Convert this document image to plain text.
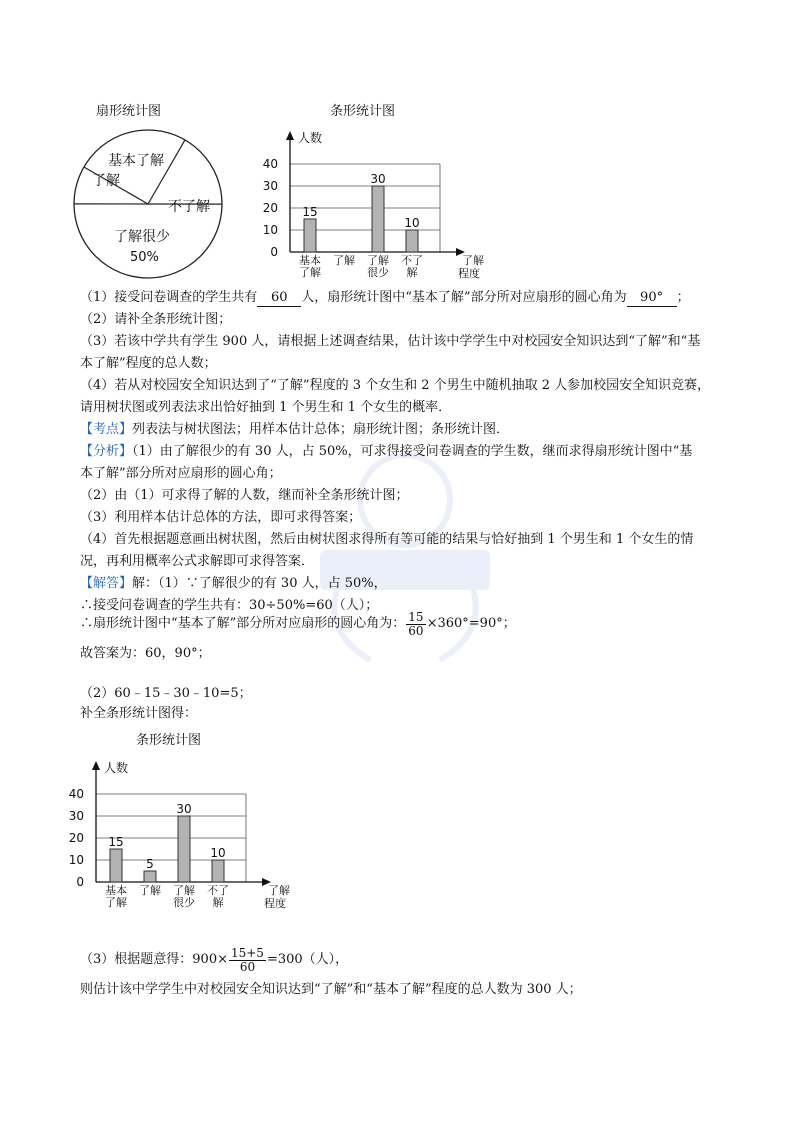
扇形统计图
基本了解
了解
不了解
了解很少
50%
条形统计图
0
10
20
30
40
人数
了解
程度
15
基本
了解
了解
30
了解
很少
10
不了
解
（1）接受问卷调查的学生共有 60 人，扇形统计图中“基本了解”部分所对应扇形的圆心角为 90° ；
（2）请补全条形统计图；
（3）若该中学共有学生 900 人，请根据上述调查结果，估计该中学学生中对校园安全知识达到“了解”和“基
本了解”程度的总人数；
（4）若从对校园安全知识达到了“了解”程度的 3 个女生和 2 个男生中随机抽取 2 人参加校园安全知识竞赛，
请用树状图或列表法求出恰好抽到 1 个男生和 1 个女生的概率．
【考点】列表法与树状图法；用样本估计总体；扇形统计图；条形统计图．
【分析】（1）由了解很少的有 30 人，占 50%，可求得接受问卷调查的学生数，继而求得扇形统计图中“基
本了解”部分所对应扇形的圆心角；
（2）由（1）可求得了解的人数，继而补全条形统计图；
（3）利用样本估计总体的方法，即可求得答案；
（4）首先根据题意画出树状图，然后由树状图求得所有等可能的结果与恰好抽到 1 个男生和 1 个女生的情
况，再利用概率公式求解即可求得答案．
【解答】解：（1）∵了解很少的有 30 人，占 50%，
∴接受问卷调查的学生共有：30÷50%=60（人）；
∴扇形统计图中“基本了解”部分所对应扇形的圆心角为： $\frac{15}{60} \times 360^\circ=90^\circ$；
故答案为：60，90°；
（2）60﹣15﹣30﹣10=5；
补全条形统计图得：
条形统计图
0
10
20
30
40
人数
了解
程度
15
基本
了解
5
了解
30
了解
很少
10
不了
解
（3）根据题意得：$900\times \frac{15+5}{60} =300$（人），
则估计该中学学生中对校园安全知识达到“了解”和“基本了解”程度的总人数为 300 人；
